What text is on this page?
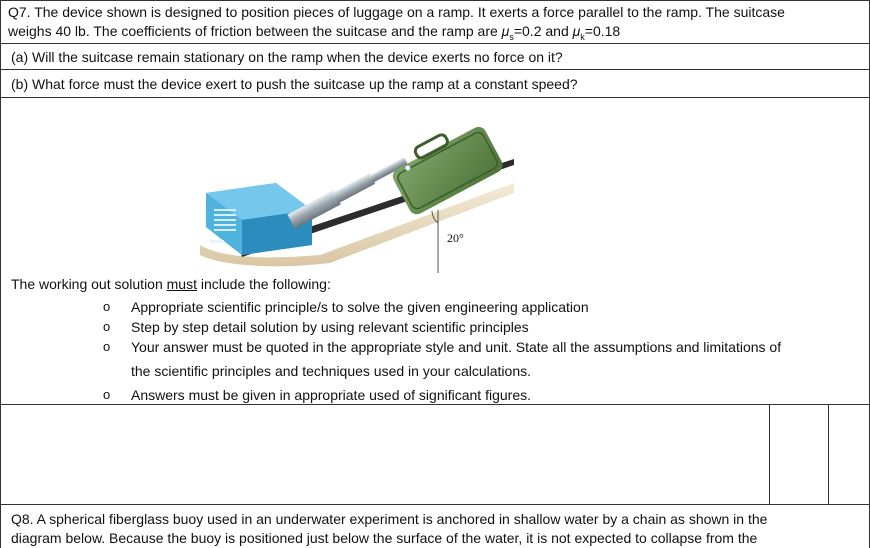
Q7. The device shown is designed to position pieces of luggage on a ramp. It exerts a force parallel to the ramp. The suitcase
weighs 40 lb. The coefficients of friction between the suitcase and the ramp are $\mu_s=0.2$ and $\mu_k=0.18$
(a) Will the suitcase remain stationary on the ramp when the device exerts no force on it?
(b) What force must the device exert to push the suitcase up the ramp at a constant speed?
20°
The working out solution must include the following:
o Appropriate scientific principle/s to solve the given engineering application
o Step by step detail solution by using relevant scientific principles
o Your answer must be quoted in the appropriate style and unit. State all the assumptions and limitations of
the scientific principles and techniques used in your calculations.
o Answers must be given in appropriate used of significant figures.
Q8. A spherical fiberglass buoy used in an underwater experiment is anchored in shallow water by a chain as shown in the
diagram below. Because the buoy is positioned just below the surface of the water, it is not expected to collapse from the
